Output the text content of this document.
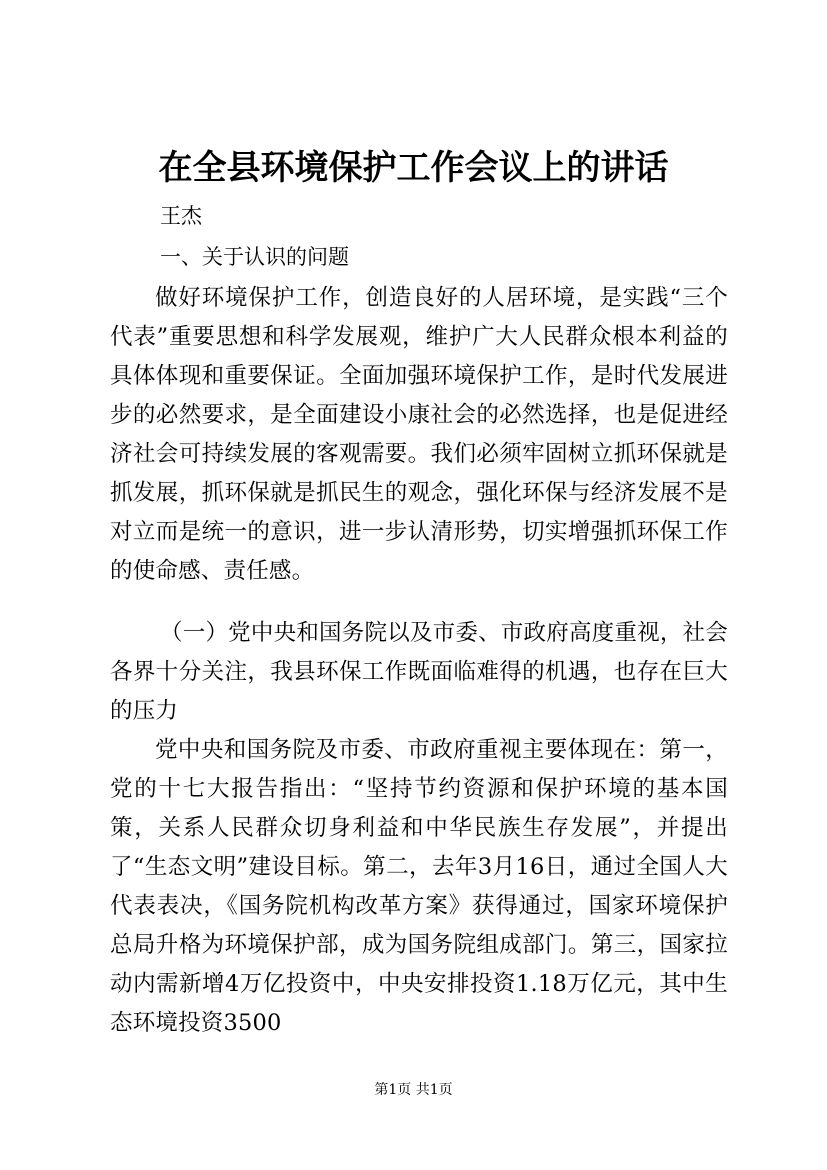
在全县环境保护工作会议上的讲话

王杰

一、关于认识的问题

做好环境保护工作，创造良好的人居环境，是实践“三个代表”重要思想和科学发展观，维护广大人民群众根本利益的具体体现和重要保证。全面加强环境保护工作，是时代发展进步的必然要求，是全面建设小康社会的必然选择，也是促进经济社会可持续发展的客观需要。我们必须牢固树立抓环保就是抓发展，抓环保就是抓民生的观念，强化环保与经济发展不是对立而是统一的意识，进一步认清形势，切实增强抓环保工作的使命感、责任感。

（一）党中央和国务院以及市委、市政府高度重视，社会各界十分关注，我县环保工作既面临难得的机遇，也存在巨大的压力

党中央和国务院及市委、市政府重视主要体现在：第一，党的十七大报告指出：“坚持节约资源和保护环境的基本国策，关系人民群众切身利益和中华民族生存发展”，并提出了“生态文明”建设目标。第二，去年3月16日，通过全国人大代表表决，《国务院机构改革方案》获得通过，国家环境保护总局升格为环境保护部，成为国务院组成部门。第三，国家拉动内需新增4万亿投资中，中央安排投资1.18万亿元，其中生态环境投资3500

第1页 共1页
